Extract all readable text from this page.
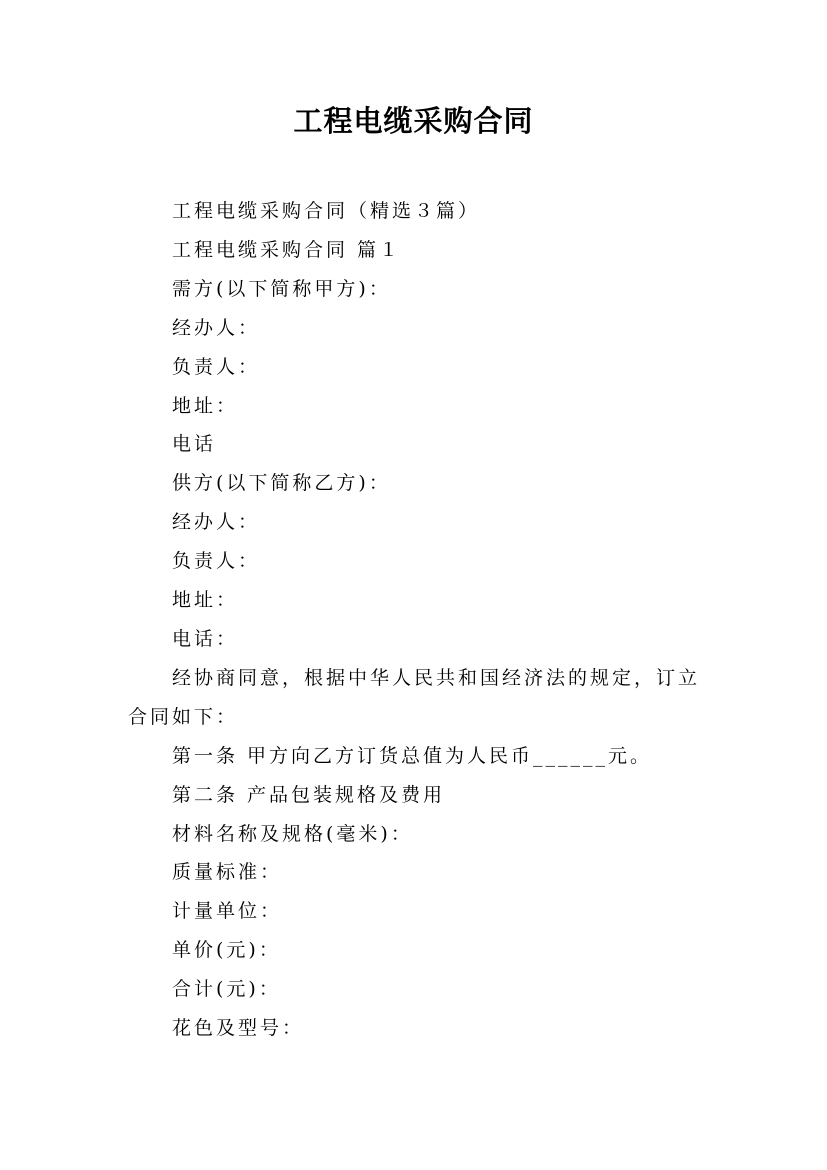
工程电缆采购合同

工程电缆采购合同（精选３篇）

工程电缆采购合同 篇１

需方(以下简称甲方)：

经办人：

负责人：

地址：

电话

供方(以下简称乙方)：

经办人：

负责人：

地址：

电话：

经协商同意，根据中华人民共和国经济法的规定，订立合同如下：

第一条 甲方向乙方订货总值为人民币______元。

第二条 产品包装规格及费用

材料名称及规格(毫米)：

质量标准：

计量单位：

单价(元)：

合计(元)：

花色及型号：
